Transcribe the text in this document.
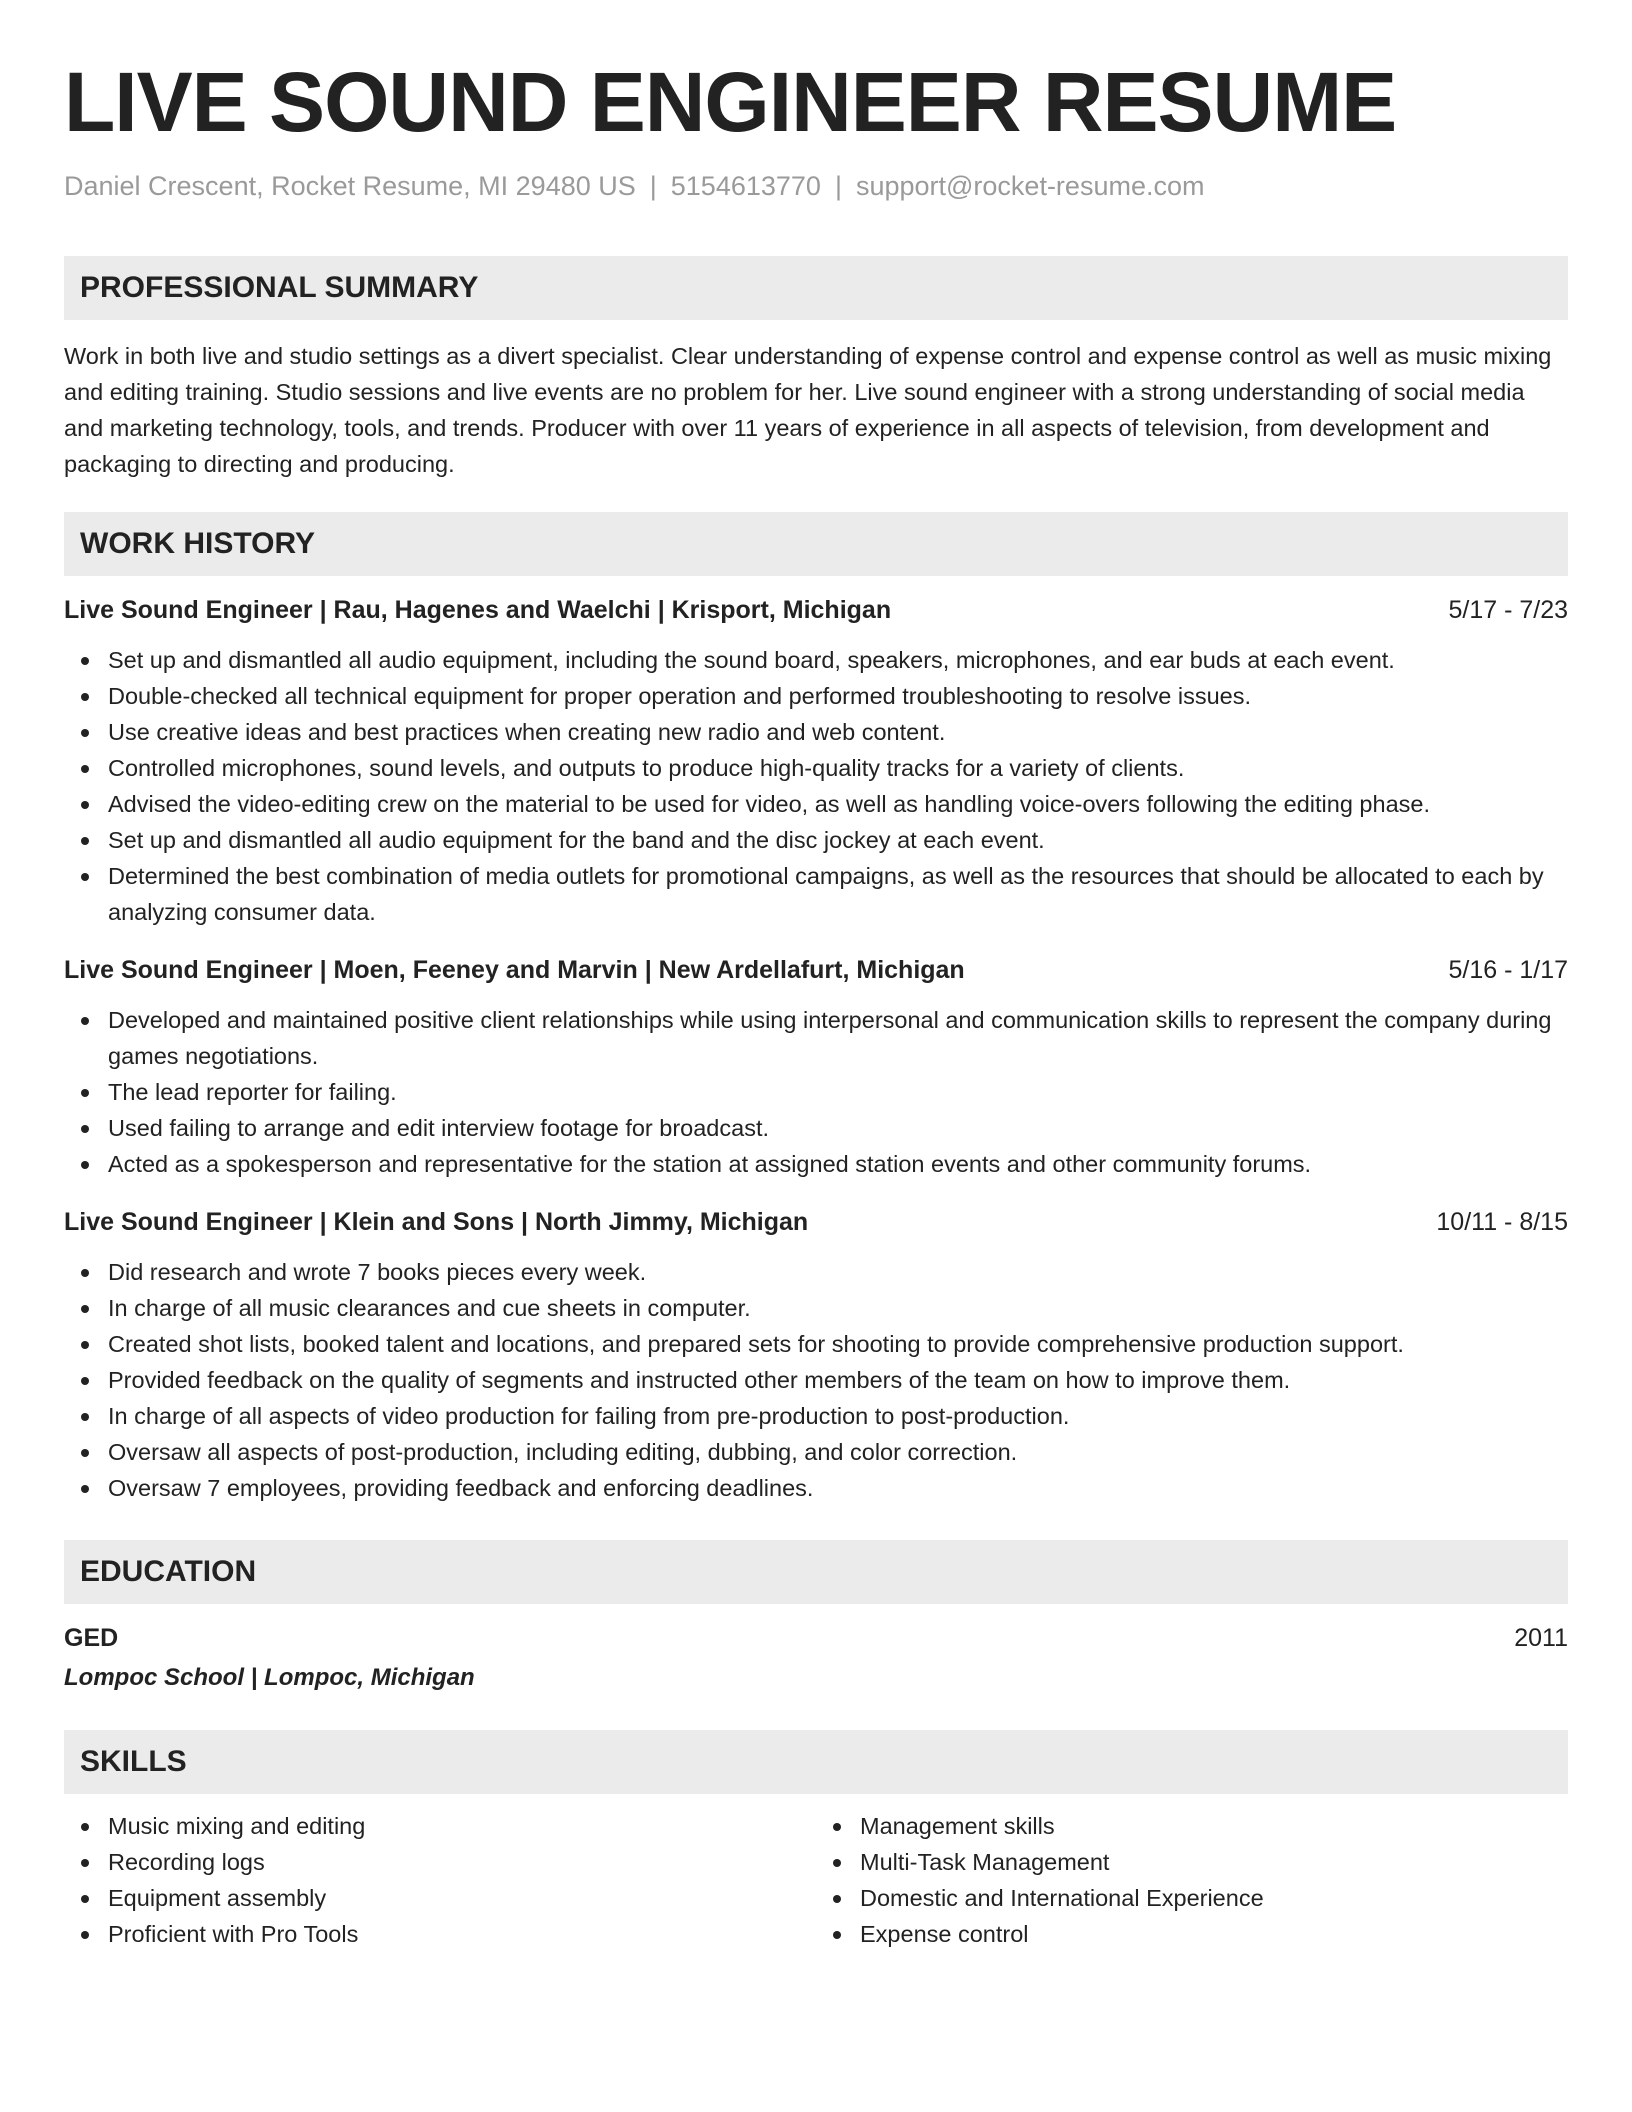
LIVE SOUND ENGINEER RESUME
Daniel Crescent, Rocket Resume, MI 29480 US | 5154613770 | support@rocket-resume.com
PROFESSIONAL SUMMARY

Work in both live and studio settings as a divert specialist. Clear understanding of expense control and expense control as well as music mixing and editing training. Studio sessions and live events are no problem for her. Live sound engineer with a strong understanding of social media and marketing technology, tools, and trends. Producer with over 11 years of experience in all aspects of television, from development and packaging to directing and producing.

WORK HISTORY
Live Sound Engineer | Rau, Hagenes and Waelchi | Krisport, Michigan	5/17 - 7/23
Set up and dismantled all audio equipment, including the sound board, speakers, microphones, and ear buds at each event.
Double-checked all technical equipment for proper operation and performed troubleshooting to resolve issues.
Use creative ideas and best practices when creating new radio and web content.
Controlled microphones, sound levels, and outputs to produce high-quality tracks for a variety of clients.
Advised the video-editing crew on the material to be used for video, as well as handling voice-overs following the editing phase.
Set up and dismantled all audio equipment for the band and the disc jockey at each event.
Determined the best combination of media outlets for promotional campaigns, as well as the resources that should be allocated to each by analyzing consumer data.
Live Sound Engineer | Moen, Feeney and Marvin | New Ardellafurt, Michigan	5/16 - 1/17
Developed and maintained positive client relationships while using interpersonal and communication skills to represent the company during games negotiations.
The lead reporter for failing.
Used failing to arrange and edit interview footage for broadcast.
Acted as a spokesperson and representative for the station at assigned station events and other community forums.
Live Sound Engineer | Klein and Sons | North Jimmy, Michigan	10/11 - 8/15
Did research and wrote 7 books pieces every week.
In charge of all music clearances and cue sheets in computer.
Created shot lists, booked talent and locations, and prepared sets for shooting to provide comprehensive production support.
Provided feedback on the quality of segments and instructed other members of the team on how to improve them.
In charge of all aspects of video production for failing from pre-production to post-production.
Oversaw all aspects of post-production, including editing, dubbing, and color correction.
Oversaw 7 employees, providing feedback and enforcing deadlines.
EDUCATION
GED	2011
Lompoc School | Lompoc, Michigan
SKILLS
Music mixing and editing
Recording logs
Equipment assembly
Proficient with Pro Tools
Management skills
Multi-Task Management
Domestic and International Experience
Expense control
